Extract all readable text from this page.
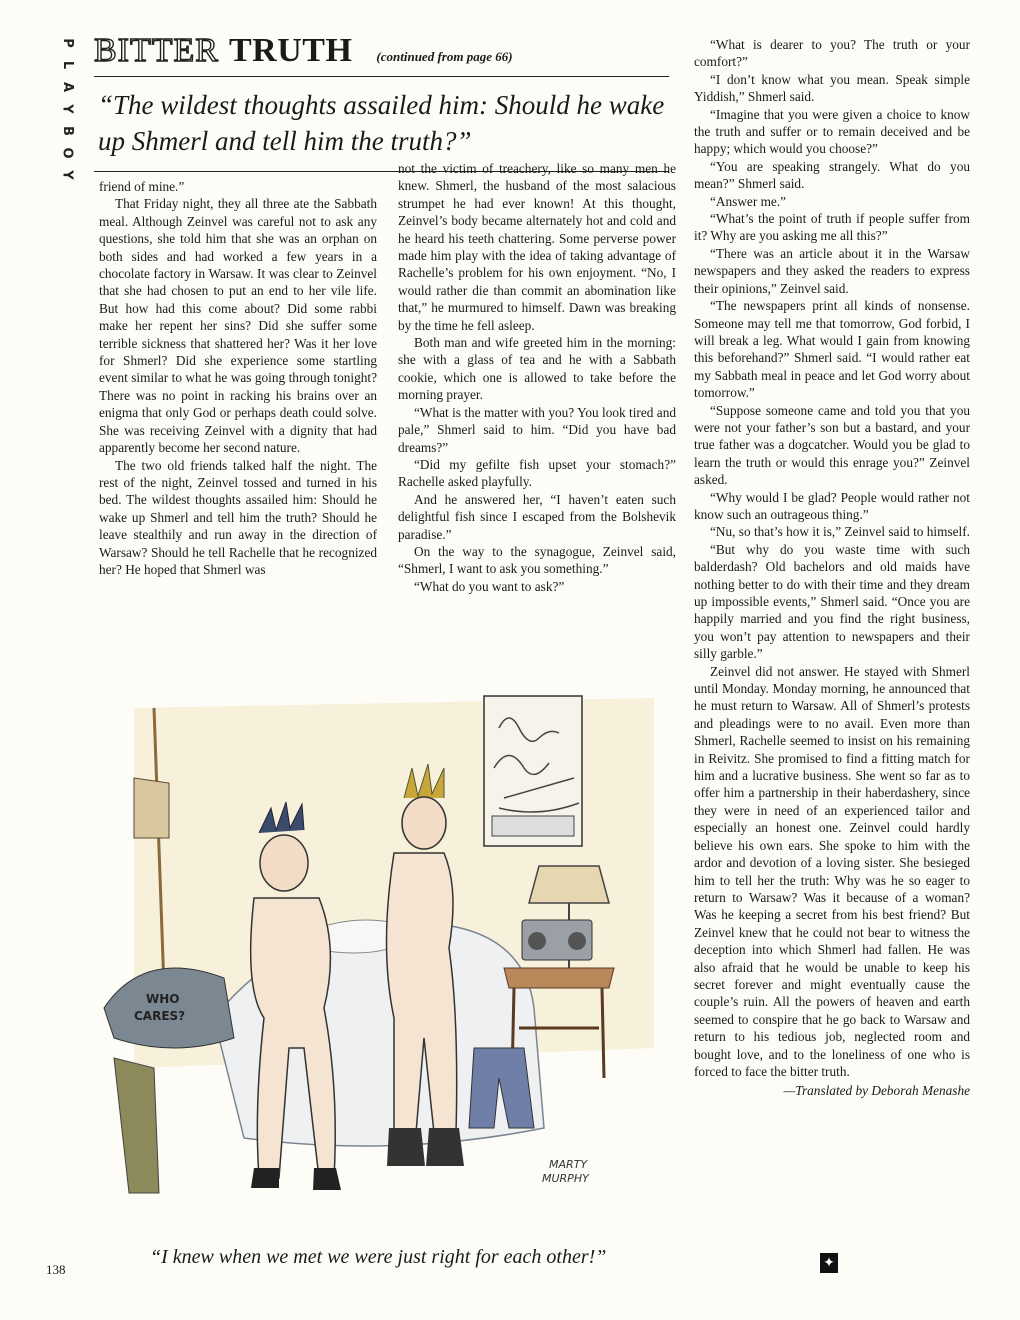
P
L
A
Y
B
O
Y
BITTER TRUTH (continued from page 66)
“The wildest thoughts assailed him: Should he wake up Shmerl and tell him the truth?”

friend of mine.”

That Friday night, they all three ate the Sabbath meal. Although Zeinvel was careful not to ask any questions, she told him that she was an orphan on both sides and had worked a few years in a chocolate factory in Warsaw. It was clear to Zeinvel that she had chosen to put an end to her vile life. But how had this come about? Did some rabbi make her repent her sins? Did she suffer some terrible sickness that shattered her? Was it her love for Shmerl? Did she experience some startling event similar to what he was going through tonight? There was no point in racking his brains over an enigma that only God or perhaps death could solve. She was receiving Zeinvel with a dignity that had apparently become her second nature.

The two old friends talked half the night. The rest of the night, Zeinvel tossed and turned in his bed. The wildest thoughts assailed him: Should he wake up Shmerl and tell him the truth? Should he leave stealthily and run away in the direction of Warsaw? Should he tell Rachelle that he recognized her? He hoped that Shmerl was

not the victim of treachery, like so many men he knew. Shmerl, the husband of the most salacious strumpet he had ever known! At this thought, Zeinvel’s body became alternately hot and cold and he heard his teeth chattering. Some perverse power made him play with the idea of taking advantage of Rachelle’s problem for his own enjoyment. “No, I would rather die than commit an abomination like that,” he murmured to himself. Dawn was breaking by the time he fell asleep.

Both man and wife greeted him in the morning: she with a glass of tea and he with a Sabbath cookie, which one is allowed to take before the morning prayer.

“What is the matter with you? You look tired and pale,” Shmerl said to him. “Did you have bad dreams?”

“Did my gefilte fish upset your stomach?” Rachelle asked playfully.

And he answered her, “I haven’t eaten such delightful fish since I escaped from the Bolshevik paradise.”

On the way to the synagogue, Zeinvel said, “Shmerl, I want to ask you something.”

“What do you want to ask?”

“What is dearer to you? The truth or your comfort?”

“I don’t know what you mean. Speak simple Yiddish,” Shmerl said.

“Imagine that you were given a choice to know the truth and suffer or to remain deceived and be happy; which would you choose?”

“You are speaking strangely. What do you mean?” Shmerl said.

“Answer me.”

“What’s the point of truth if people suffer from it? Why are you asking me all this?”

“There was an article about it in the Warsaw newspapers and they asked the readers to express their opinions,” Zeinvel said.

“The newspapers print all kinds of nonsense. Someone may tell me that tomorrow, God forbid, I will break a leg. What would I gain from knowing this beforehand?” Shmerl said. “I would rather eat my Sabbath meal in peace and let God worry about tomorrow.”

“Suppose someone came and told you that you were not your father’s son but a bastard, and your true father was a dogcatcher. Would you be glad to learn the truth or would this enrage you?” Zeinvel asked.

“Why would I be glad? People would rather not know such an outrageous thing.”

“Nu, so that’s how it is,” Zeinvel said to himself.

“But why do you waste time with such balderdash? Old bachelors and old maids have nothing better to do with their time and they dream up impossible events,” Shmerl said. “Once you are happily married and you find the right business, you won’t pay attention to newspapers and their silly garble.”

Zeinvel did not answer. He stayed with Shmerl until Monday. Monday morning, he announced that he must return to Warsaw. All of Shmerl’s protests and pleadings were to no avail. Even more than Shmerl, Rachelle seemed to insist on his remaining in Reivitz. She promised to find a fitting match for him and a lucrative business. She went so far as to offer him a partnership in their haberdashery, since they were in need of an experienced tailor and especially an honest one. Zeinvel could hardly believe his own ears. She spoke to him with the ardor and devotion of a loving sister. She besieged him to tell her the truth: Why was he so eager to return to Warsaw? Was it because of a woman? Was he keeping a secret from his best friend? But Zeinvel knew that he could not bear to witness the deception into which Shmerl had fallen. He was also afraid that he would be unable to keep his secret forever and might eventually cause the couple’s ruin. All the powers of heaven and earth seemed to conspire that he go back to Warsaw and return to his tedious job, neglected room and bought love, and to the loneliness of one who is forced to face the bitter truth.

—Translated by Deborah Menashe
✦
WHO
CARES?
MARTY
MURPHY
“I knew when we met we were just right for each other!”
138
